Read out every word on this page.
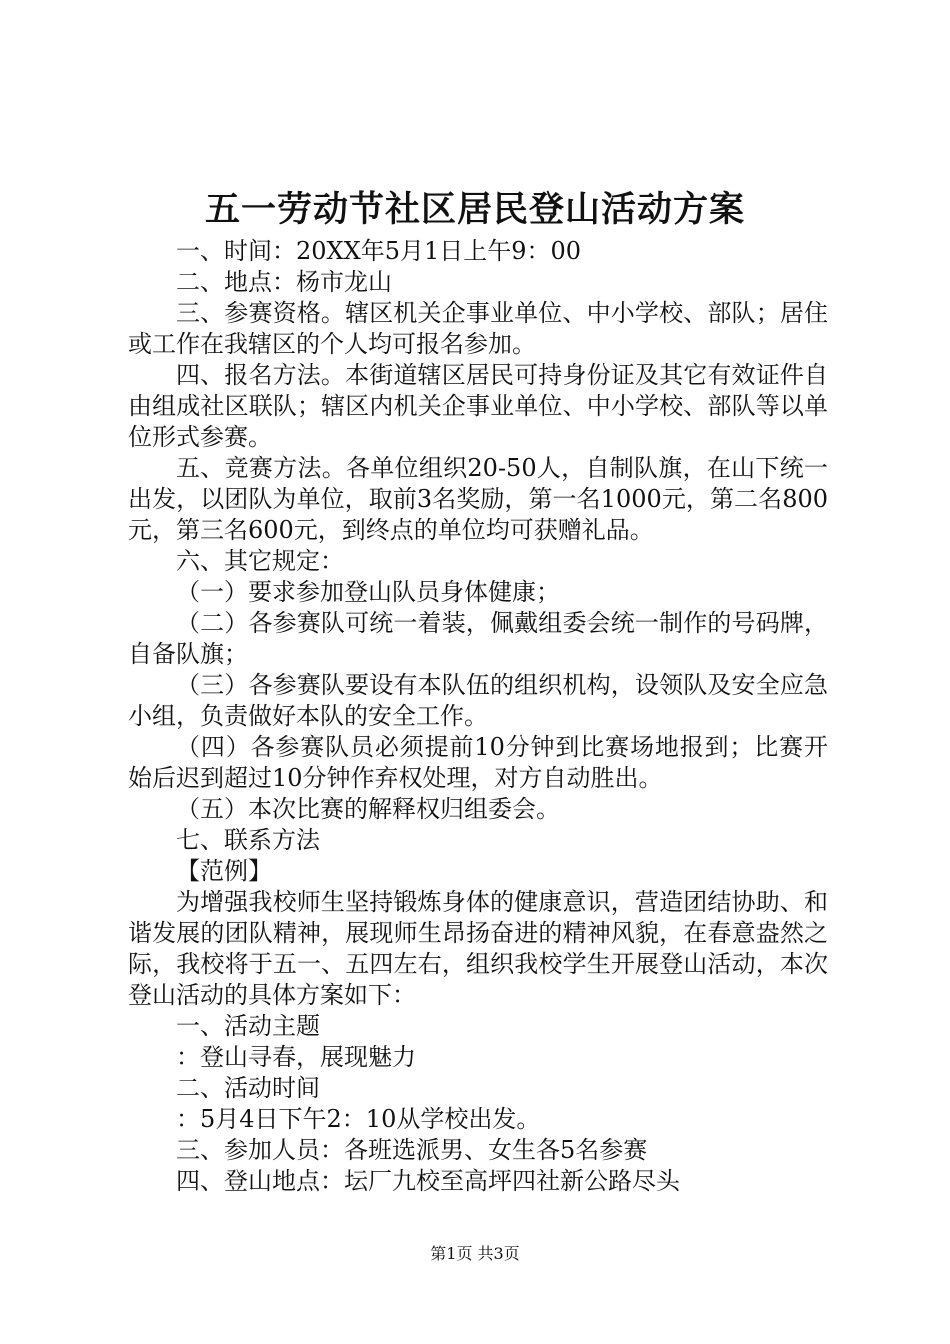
五一劳动节社区居民登山活动方案

一、时间：20XX年5月1日上午9：00

二、地点：杨市龙山

三、参赛资格。辖区机关企事业单位、中小学校、部队；居住或工作在我辖区的个人均可报名参加。

四、报名方法。本街道辖区居民可持身份证及其它有效证件自由组成社区联队；辖区内机关企事业单位、中小学校、部队等以单位形式参赛。

五、竞赛方法。各单位组织20-50人，自制队旗，在山下统一出发，以团队为单位，取前3名奖励，第一名1000元，第二名800元，第三名600元，到终点的单位均可获赠礼品。

六、其它规定：

（一）要求参加登山队员身体健康；

（二）各参赛队可统一着装，佩戴组委会统一制作的号码牌，自备队旗；

（三）各参赛队要设有本队伍的组织机构，设领队及安全应急小组，负责做好本队的安全工作。

（四）各参赛队员必须提前10分钟到比赛场地报到；比赛开始后迟到超过10分钟作弃权处理，对方自动胜出。

（五）本次比赛的解释权归组委会。

七、联系方法

【范例】

为增强我校师生坚持锻炼身体的健康意识，营造团结协助、和谐发展的团队精神，展现师生昂扬奋进的精神风貌，在春意盎然之际，我校将于五一、五四左右，组织我校学生开展登山活动，本次登山活动的具体方案如下：

一、活动主题

：登山寻春，展现魅力

二、活动时间

：5月4日下午2：10从学校出发。

三、参加人员：各班选派男、女生各5名参赛

四、登山地点：坛厂九校至高坪四社新公路尽头

第1页 共3页
